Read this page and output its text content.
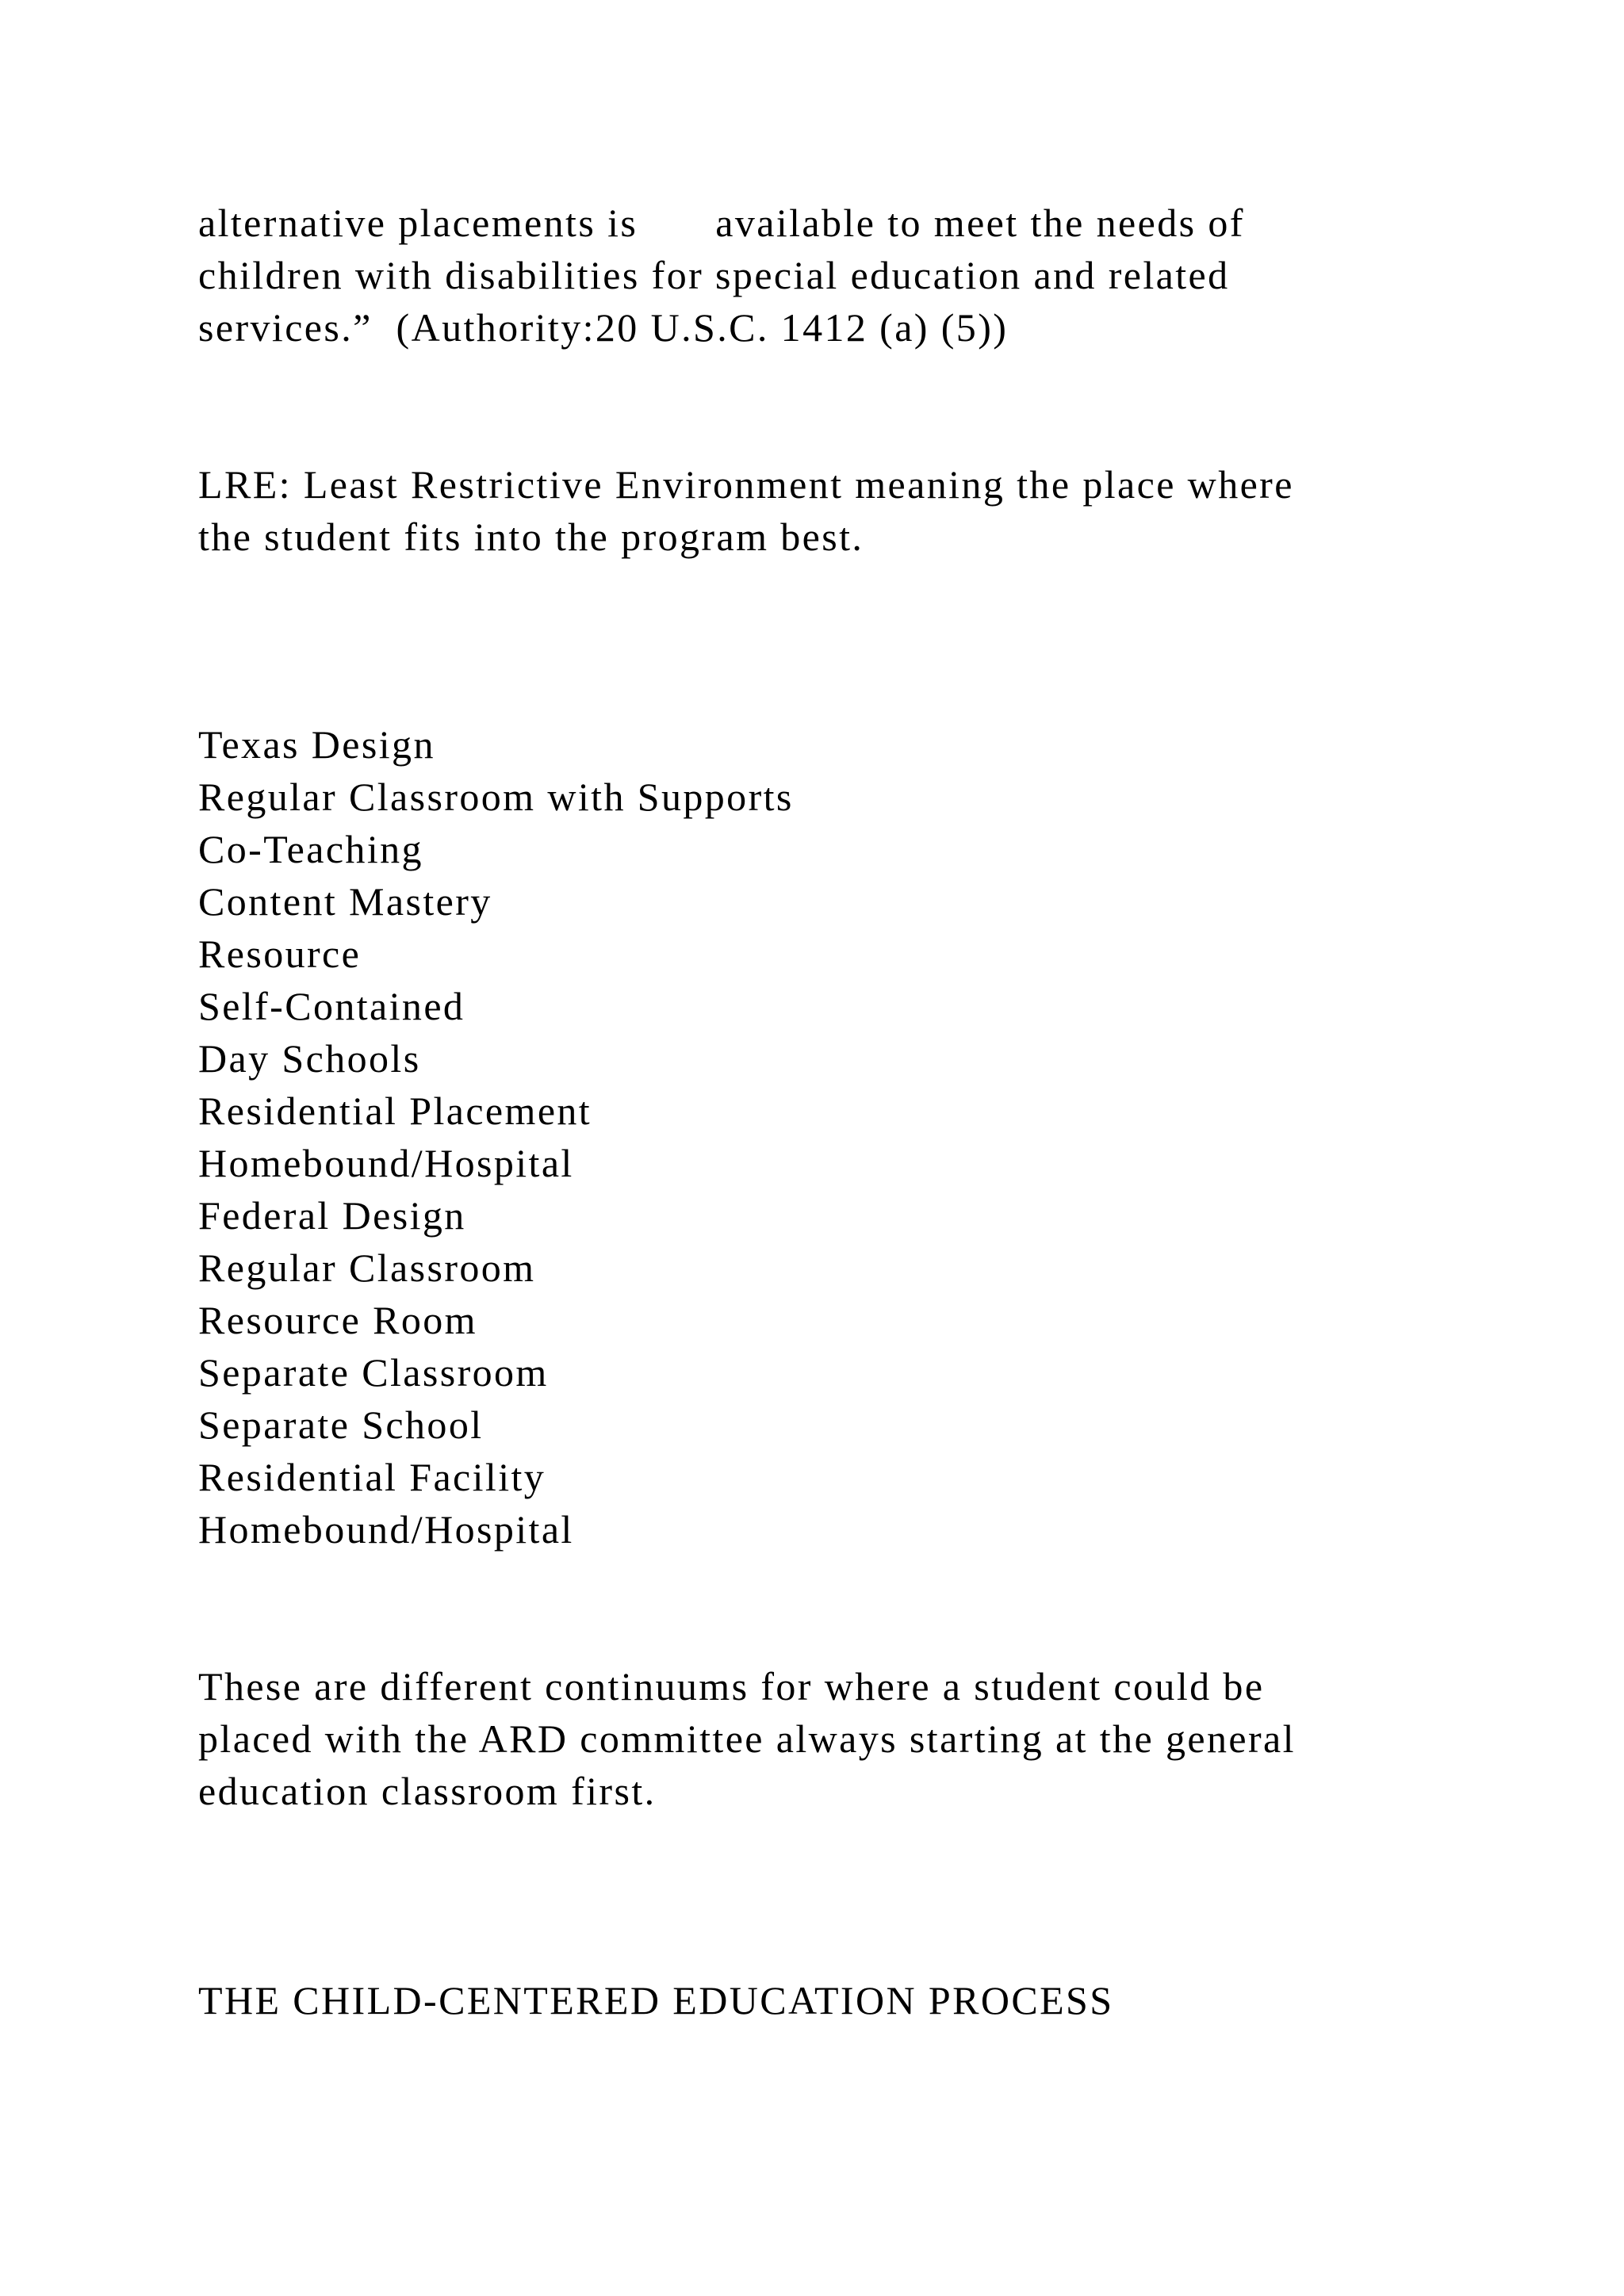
alternative placements is available to meet the needs of
children with disabilities for special education and related
services.”  (Authority:20 U.S.C. 1412 (a) (5))
LRE: Least Restrictive Environment meaning the place where
the student fits into the program best.
Texas Design
Regular Classroom with Supports
Co-Teaching
Content Mastery
Resource
Self-Contained
Day Schools
Residential Placement
Homebound/Hospital
Federal Design
Regular Classroom
Resource Room
Separate Classroom
Separate School
Residential Facility
Homebound/Hospital
These are different continuums for where a student could be
placed with the ARD committee always starting at the general
education classroom first.
THE CHILD-CENTERED EDUCATION PROCESS
